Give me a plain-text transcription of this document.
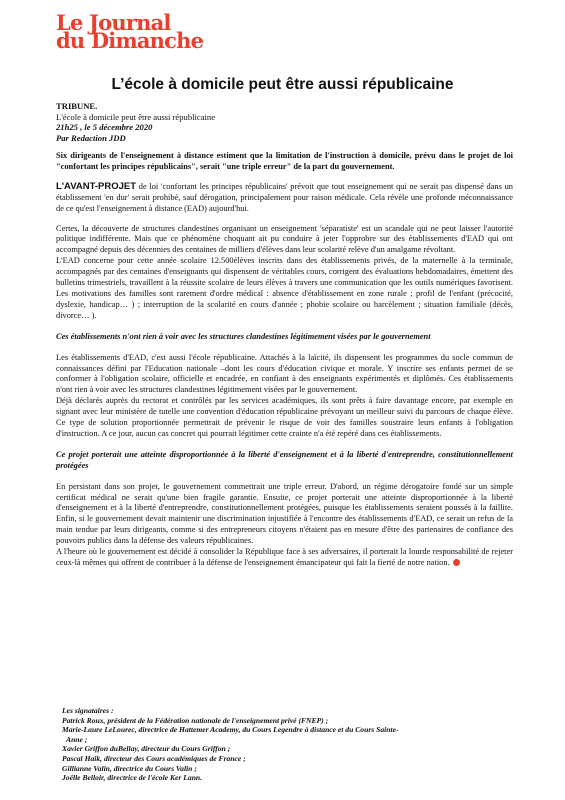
Le Journal
du Dimanche
L’école à domicile peut être aussi républicaine
TRIBUNE.
L'école à domicile peut être aussi républicaine
21h25 , le 5 décembre 2020
Par Redaction JDD

Six dirigeants de l'enseignement à distance estiment que la limitation de l'instruction à domicile, prévu dans le projet de loi "confortant les principes républicains", serait "une triple erreur" de la part du gouvernement.

L'AVANT-PROJET de loi 'confortant les principes républicains' prévoit que tout enseignement qui ne serait pas dispensé dans un établissement 'en dur' serait prohibé, sauf dérogation, principalement pour raison médicale. Cela révèle une profonde méconnaissance de ce qu'est l'enseignement à distance (EAD) aujourd'hui.

Certes, la découverte de structures clandestines organisant un enseignement 'séparatiste' est un scandale qui ne peut laisser l'autorité politique indifférente. Mais que ce phénomène choquant ait pu conduire à jeter l'opprobre sur des établissements d'EAD qui ont accompagné depuis des décennies des centaines de milliers d'élèves dans leur scolarité relève d'un amalgame révoltant.

L'EAD concerne pour cette année scolaire 12.500élèves inscrits dans des établissements privés, de la maternelle à la terminale, accompagnés par des centaines d'enseignants qui dispensent de véritables cours, corrigent des évaluations hebdomadaires, émettent des bulletins trimestriels, travaillent à la réussite scolaire de leurs élèves à travers une communication que les outils numériques favorisent. Les motivations des familles sont rarement d'ordre médical : absence d'établissement en zone rurale ; profil de l'enfant (précocité, dyslexie, handicap… ) ; interruption de la scolarité en cours d'année ; phobie scolaire ou harcèlement ; situation familiale (décès, divorce… ).

Ces établissements n'ont rien à voir avec les structures clandestines légitimement visées par le gouvernement

Les établissements d'EAD, c'est aussi l'école républicaine. Attachés à la laïcité, ils dispensent les programmes du socle commun de connaissances défini par l'Education nationale –dont les cours d'éducation civique et morale. Y inscrire ses enfants permet de se conformer à l'obligation scolaire, officielle et encadrée, en confiant à des enseignants expérimentés et diplômés. Ces établissements n'ont rien à voir avec les structures clandestines légitimement visées par le gouvernement.

Déjà déclarés auprès du rectorat et contrôlés par les services académiques, ils sont prêts à faire davantage encore, par exemple en signant avec leur ministère de tutelle une convention d'éducation républicaine prévoyant un meilleur suivi du parcours de chaque élève. Ce type de solution proportionnée permettrait de prévenir le risque de voir des familles soustraire leurs enfants à l'obligation d'instruction. A ce jour, aucun cas concret qui pourrait légitimer cette crainte n'a été repéré dans ces établissements.

Ce projet porterait une atteinte disproportionnée à la liberté d'enseignement et à la liberté d'entreprendre, constitutionnellement protégées

En persistant dans son projet, le gouvernement commettrait une triple erreur. D'abord, un régime dérogatoire fondé sur un simple certificat médical ne serait qu'une bien fragile garantie. Ensuite, ce projet porterait une atteinte disproportionnée à la liberté d'enseignement et à la liberté d'entreprendre, constitutionnellement protégées, puisque les établissements seraient poussés à la faillite. Enfin, si le gouvernement devait maintenir une discrimination injustifiée à l'encontre des établissements d'EAD, ce serait un refus de la main tendue par leurs dirigeants, comme si des entrepreneurs citoyens n'étaient pas en mesure d'être des partenaires de confiance des pouvoirs publics dans la défense des valeurs républicaines.

A l'heure où le gouvernement est décidé à consolider la République face à ses adversaires, il porterait la lourde responsabilité de rejeter ceux-là mêmes qui offrent de contribuer à la défense de l'enseignement émancipateur qui fait la fierté de notre nation.

Les signataires :
Patrick Roux, président de la Fédération nationale de l'enseignement privé (FNEP) ;
Marie-Laure LeLourec, directrice de Hattemer Academy, du Cours Legendre à distance et du Cours Sainte-
Anne ;
Xavier Griffon duBellay, directeur du Cours Griffon ;
Pascal Haik, directeur des Cours académiques de France ;
Gillianne Valin, directrice du Cours Valin ;
Joëlle Belloir, directrice de l'école Ker Lann.
